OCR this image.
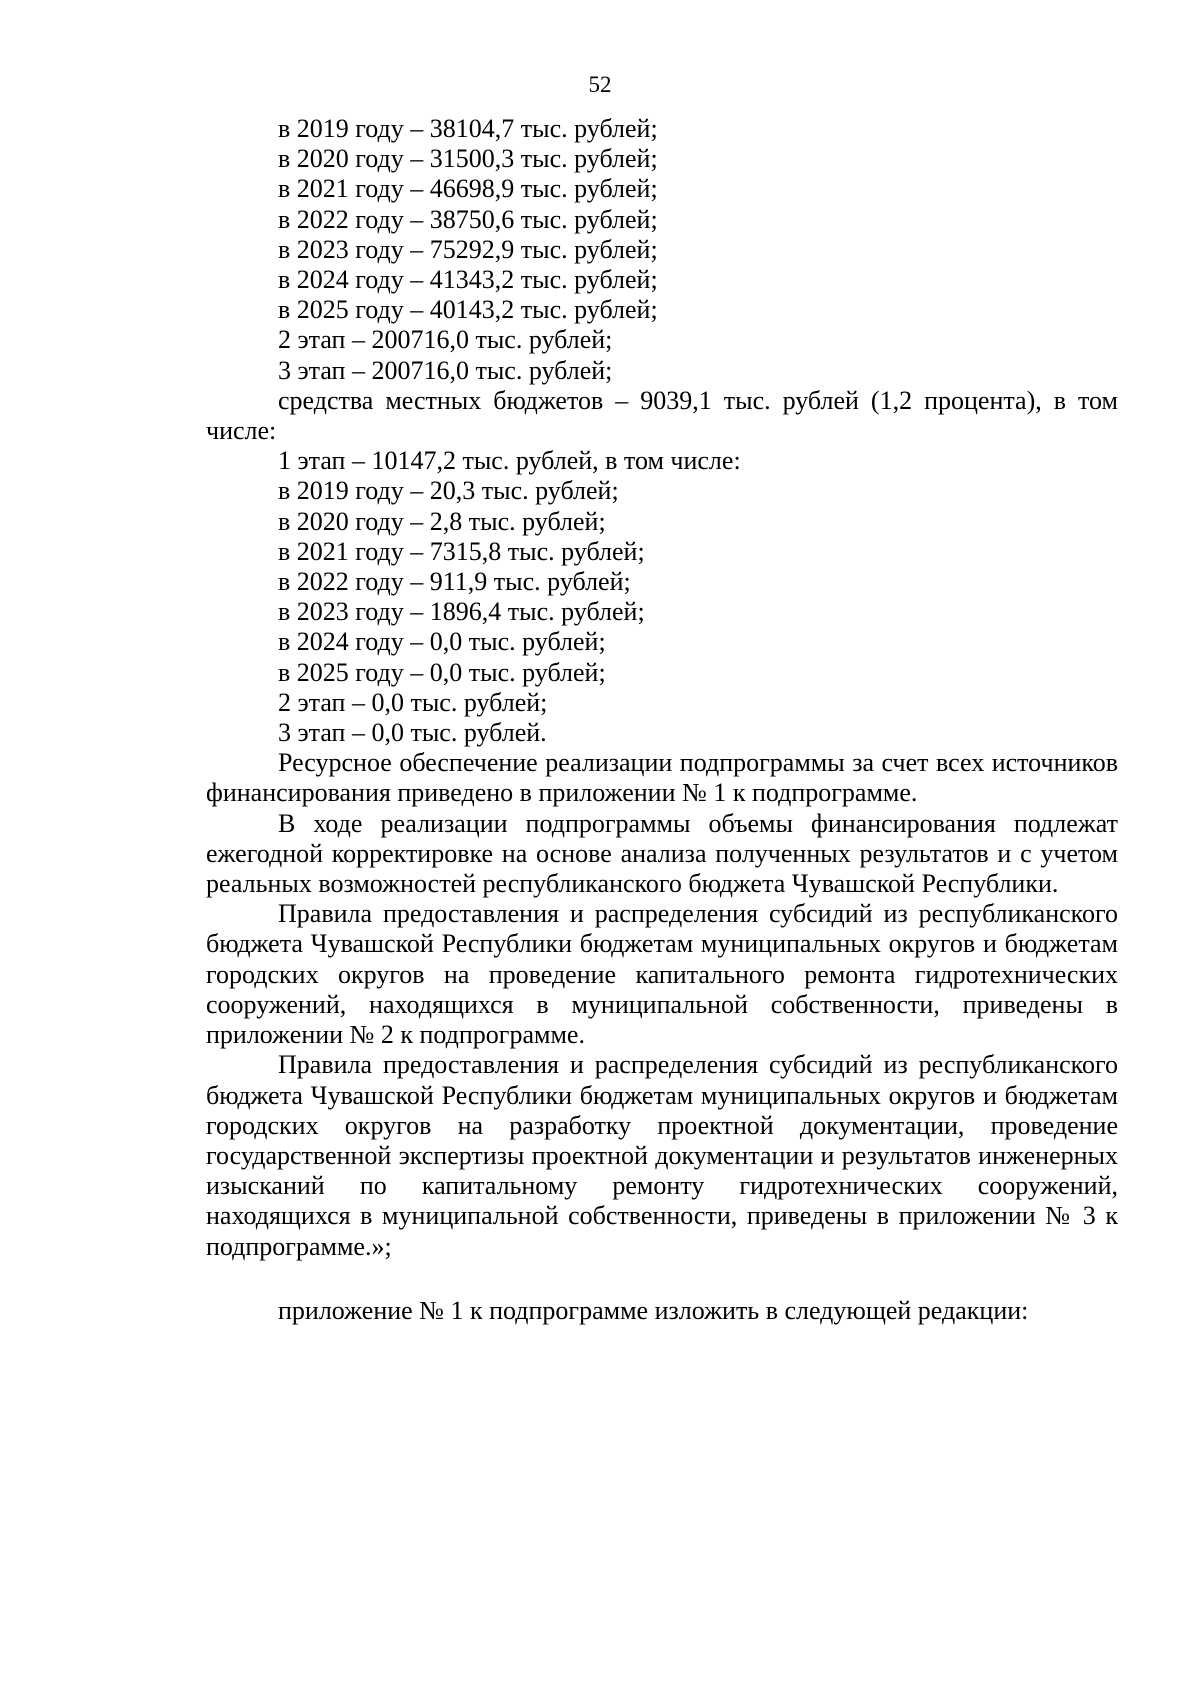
52

в 2019 году – 38104,7 тыс. рублей;

в 2020 году – 31500,3 тыс. рублей;

в 2021 году – 46698,9 тыс. рублей;

в 2022 году – 38750,6 тыс. рублей;

в 2023 году – 75292,9 тыс. рублей;

в 2024 году – 41343,2 тыс. рублей;

в 2025 году – 40143,2 тыс. рублей;

2 этап – 200716,0 тыс. рублей;

3 этап – 200716,0 тыс. рублей;

средства местных бюджетов – 9039,1 тыс. рублей (1,2 процента), в том числе:

1 этап – 10147,2 тыс. рублей, в том числе:

в 2019 году – 20,3 тыс. рублей;

в 2020 году – 2,8 тыс. рублей;

в 2021 году – 7315,8 тыс. рублей;

в 2022 году – 911,9 тыс. рублей;

в 2023 году – 1896,4 тыс. рублей;

в 2024 году – 0,0 тыс. рублей;

в 2025 году – 0,0 тыс. рублей;

2 этап – 0,0 тыс. рублей;

3 этап – 0,0 тыс. рублей.

Ресурсное обеспечение реализации подпрограммы за счет всех источников финансирования приведено в приложении № 1 к подпрограмме.

В ходе реализации подпрограммы объемы финансирования подлежат ежегодной корректировке на основе анализа полученных результатов и с учетом реальных возможностей республиканского бюджета Чувашской Республики.

Правила предоставления и распределения субсидий из республиканского бюджета Чувашской Республики бюджетам муниципальных округов и бюджетам городских округов на проведение капитального ремонта гидротехнических сооружений, находящихся в муниципальной собственности, приведены в приложении № 2 к подпрограмме.

Правила предоставления и распределения субсидий из республиканского бюджета Чувашской Республики бюджетам муниципальных округов и бюджетам городских округов на разработку проектной документации, проведение государственной экспертизы проектной документации и результатов инженерных изысканий по капитальному ремонту гидротехнических сооружений, находящихся в муниципальной собственности, приведены в приложении № 3 к подпрограмме.»;

приложение № 1 к подпрограмме изложить в следующей редакции:
